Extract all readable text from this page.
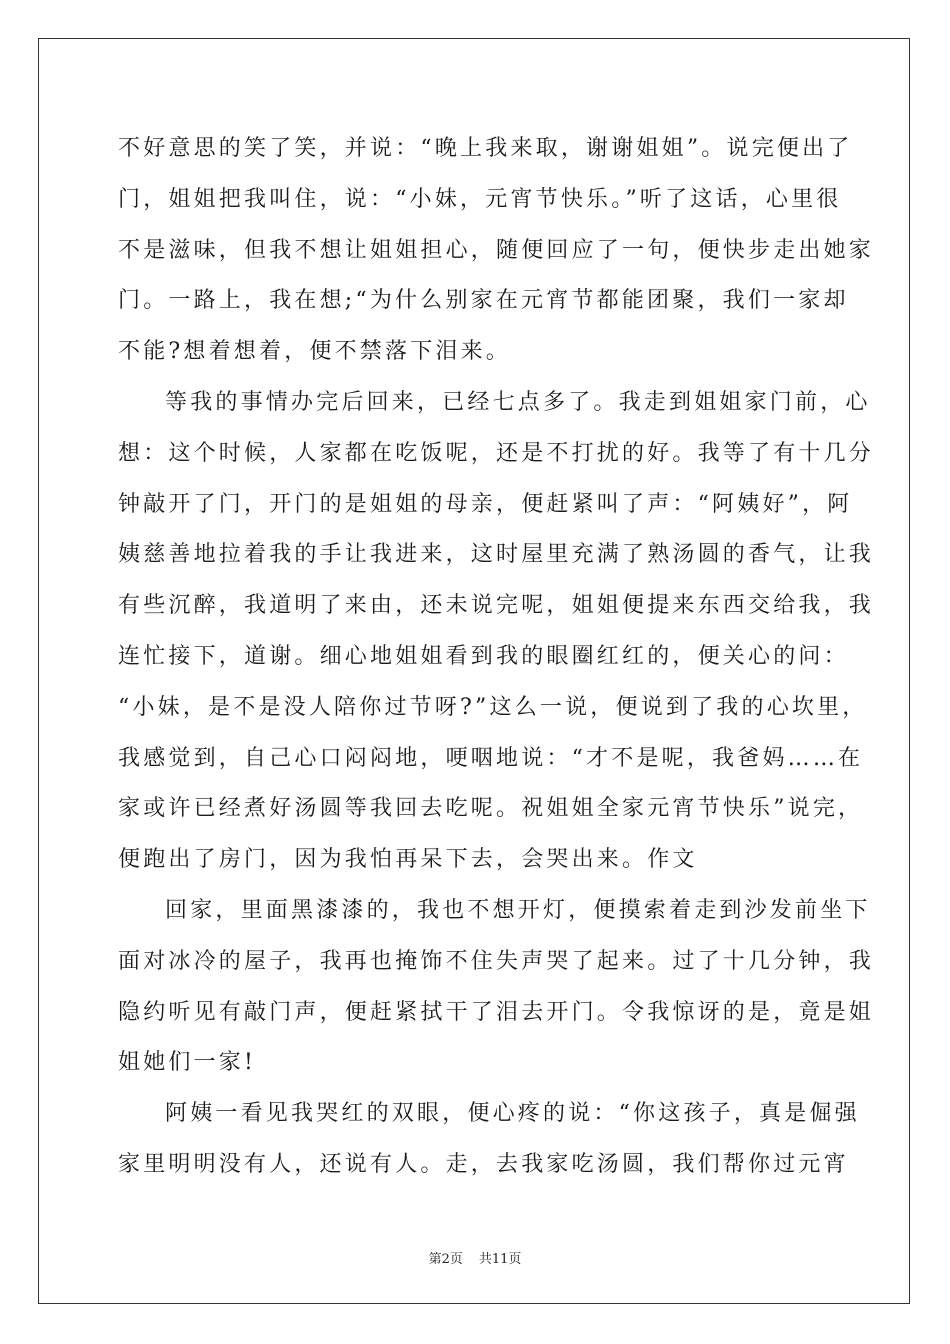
不好意思的笑了笑，并说：“晚上我来取，谢谢姐姐”。说完便出了
门，姐姐把我叫住，说：“小妹，元宵节快乐。”听了这话，心里很
不是滋味，但我不想让姐姐担心，随便回应了一句，便快步走出她家
门。一路上，我在想;“为什么别家在元宵节都能团聚，我们一家却
不能?想着想着，便不禁落下泪来。
等我的事情办完后回来，已经七点多了。我走到姐姐家门前，心
想：这个时候，人家都在吃饭呢，还是不打扰的好。我等了有十几分
钟敲开了门，开门的是姐姐的母亲，便赶紧叫了声：“阿姨好”，阿
姨慈善地拉着我的手让我进来，这时屋里充满了熟汤圆的香气，让我
有些沉醉，我道明了来由，还未说完呢，姐姐便提来东西交给我，我
连忙接下，道谢。细心地姐姐看到我的眼圈红红的，便关心的问：
“小妹，是不是没人陪你过节呀?”这么一说，便说到了我的心坎里，
我感觉到，自己心口闷闷地，哽咽地说：“才不是呢，我爸妈……在
家或许已经煮好汤圆等我回去吃呢。祝姐姐全家元宵节快乐”说完，
便跑出了房门，因为我怕再呆下去，会哭出来。作文
回家，里面黑漆漆的，我也不想开灯，便摸索着走到沙发前坐下
面对冰冷的屋子，我再也掩饰不住失声哭了起来。过了十几分钟，我
隐约听见有敲门声，便赶紧拭干了泪去开门。令我惊讶的是，竟是姐
姐她们一家!
阿姨一看见我哭红的双眼，便心疼的说：“你这孩子，真是倔强
家里明明没有人，还说有人。走，去我家吃汤圆，我们帮你过元宵
第2页 共11页
